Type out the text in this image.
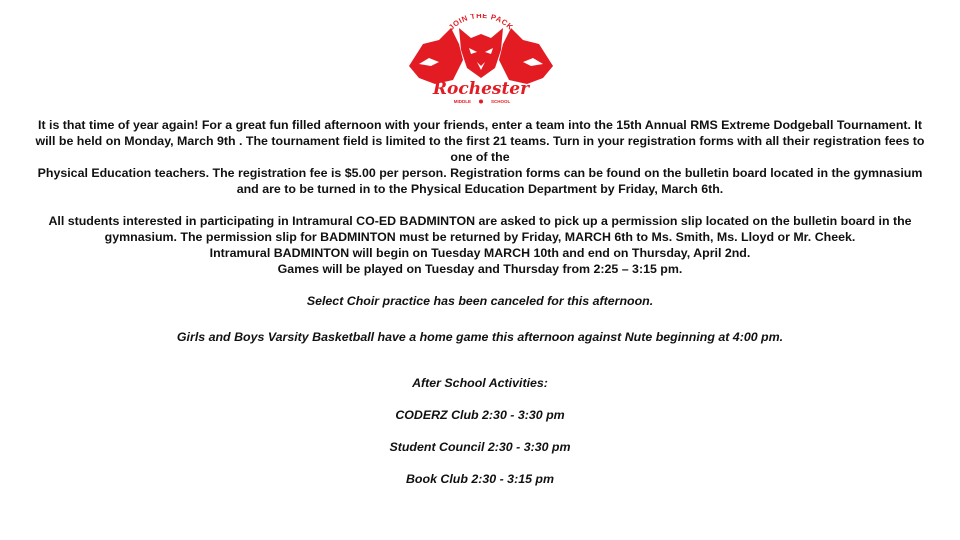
JOIN THE PACK
Rochester
MIDDLE	SCHOOL

It is that time of year again! For a great fun filled afternoon with your friends, enter a team into the 15th Annual RMS Extreme Dodgeball Tournament. It will be held on Monday, March 9th . The tournament field is limited to the first 21 teams. Turn in your registration forms with all their registration fees to one of the

Physical Education teachers. The registration fee is $5.00 per person. Registration forms can be found on the bulletin board located in the gymnasium and are to be turned in to the Physical Education Department by Friday, March 6th.

All students interested in participating in Intramural CO-ED BADMINTON are asked to pick up a permission slip located on the bulletin board in the gymnasium. The permission slip for BADMINTON must be returned by Friday, MARCH 6th to Ms. Smith, Ms. Lloyd or Mr. Cheek.

Intramural BADMINTON will begin on Tuesday MARCH 10th and end on Thursday, April 2nd.

Games will be played on Tuesday and Thursday from 2:25 – 3:15 pm.

Select Choir practice has been canceled for this afternoon.

Girls and Boys Varsity Basketball have a home game this afternoon against Nute beginning at 4:00 pm.

After School Activities:

CODERZ Club 2:30 - 3:30 pm

Student Council 2:30 - 3:30 pm

Book Club 2:30 - 3:15 pm
